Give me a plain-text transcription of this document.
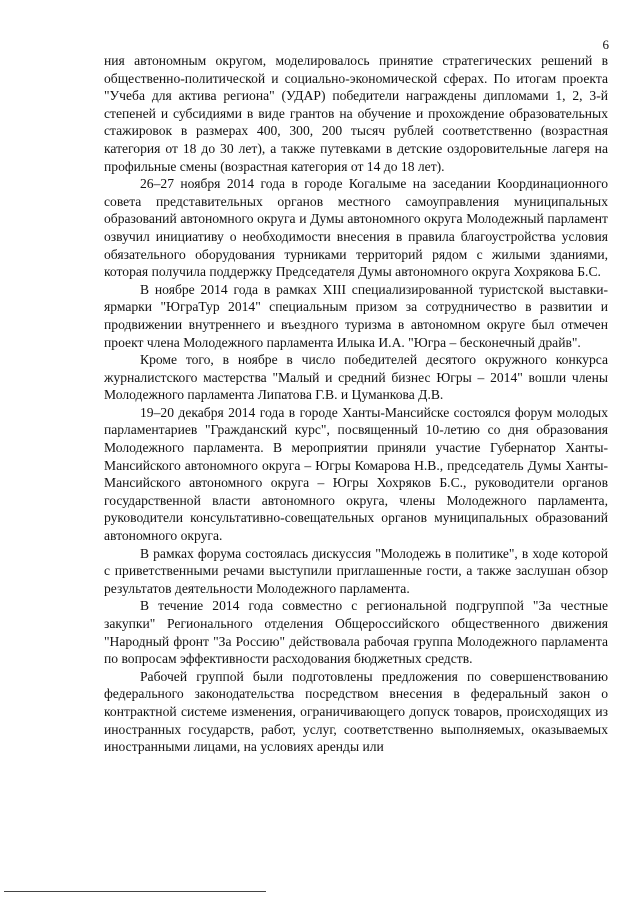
6

ния автономным округом, моделировалось принятие стратегических решений в общественно-политической и социально-экономической сферах. По итогам проекта "Учеба для актива региона" (УДАР) победители награждены дипломами 1, 2, 3-й степеней и субсидиями в виде грантов на обучение и прохождение образовательных стажировок в размерах 400, 300, 200 тысяч рублей соответственно (возрастная категория от 18 до 30 лет), а также путевками в детские оздоровительные лагеря на профильные смены (возрастная категория от 14 до 18 лет).

26–27 ноября 2014 года в городе Когалыме на заседании Координационного совета представительных органов местного самоуправления муниципальных образований автономного округа и Думы автономного округа Молодежный парламент озвучил инициативу о необходимости внесения в правила благоустройства условия обязательного оборудования турниками территорий рядом с жилыми зданиями, которая получила поддержку Председателя Думы автономного округа Хохрякова Б.С.

В ноябре 2014 года в рамках XIII специализированной туристской выставки-ярмарки "ЮграТур 2014" специальным призом за сотрудничество в развитии и продвижении внутреннего и въездного туризма в автономном округе был отмечен проект члена Молодежного парламента Илыка И.А. "Югра – бесконечный драйв".

Кроме того, в ноябре в число победителей десятого окружного конкурса журналистского мастерства "Малый и средний бизнес Югры – 2014" вошли члены Молодежного парламента Липатова Г.В. и Цуманкова Д.В.

19–20 декабря 2014 года в городе Ханты-Мансийске состоялся форум молодых парламентариев "Гражданский курс", посвященный 10-летию со дня образования Молодежного парламента. В мероприятии приняли участие Губернатор Ханты-Мансийского автономного округа – Югры Комарова Н.В., председатель Думы Ханты-Мансийского автономного округа – Югры Хохряков Б.С., руководители органов государственной власти автономного округа, члены Молодежного парламента, руководители консультативно-совещательных органов муниципальных образований автономного округа.

В рамках форума состоялась дискуссия "Молодежь в политике", в ходе которой с приветственными речами выступили приглашенные гости, а также заслушан обзор результатов деятельности Молодежного парламента.

В течение 2014 года совместно с региональной подгруппой "За честные закупки" Регионального отделения Общероссийского общественного движения "Народный фронт "За Россию" действовала рабочая группа Молодежного парламента по вопросам эффективности расходования бюджетных средств.

Рабочей группой были подготовлены предложения по совершенствованию федерального законодательства посредством внесения в федеральный закон о контрактной системе изменения, ограничивающего допуск товаров, происходящих из иностранных государств, работ, услуг, соответственно выполняемых, оказываемых иностранными лицами, на условиях аренды или
